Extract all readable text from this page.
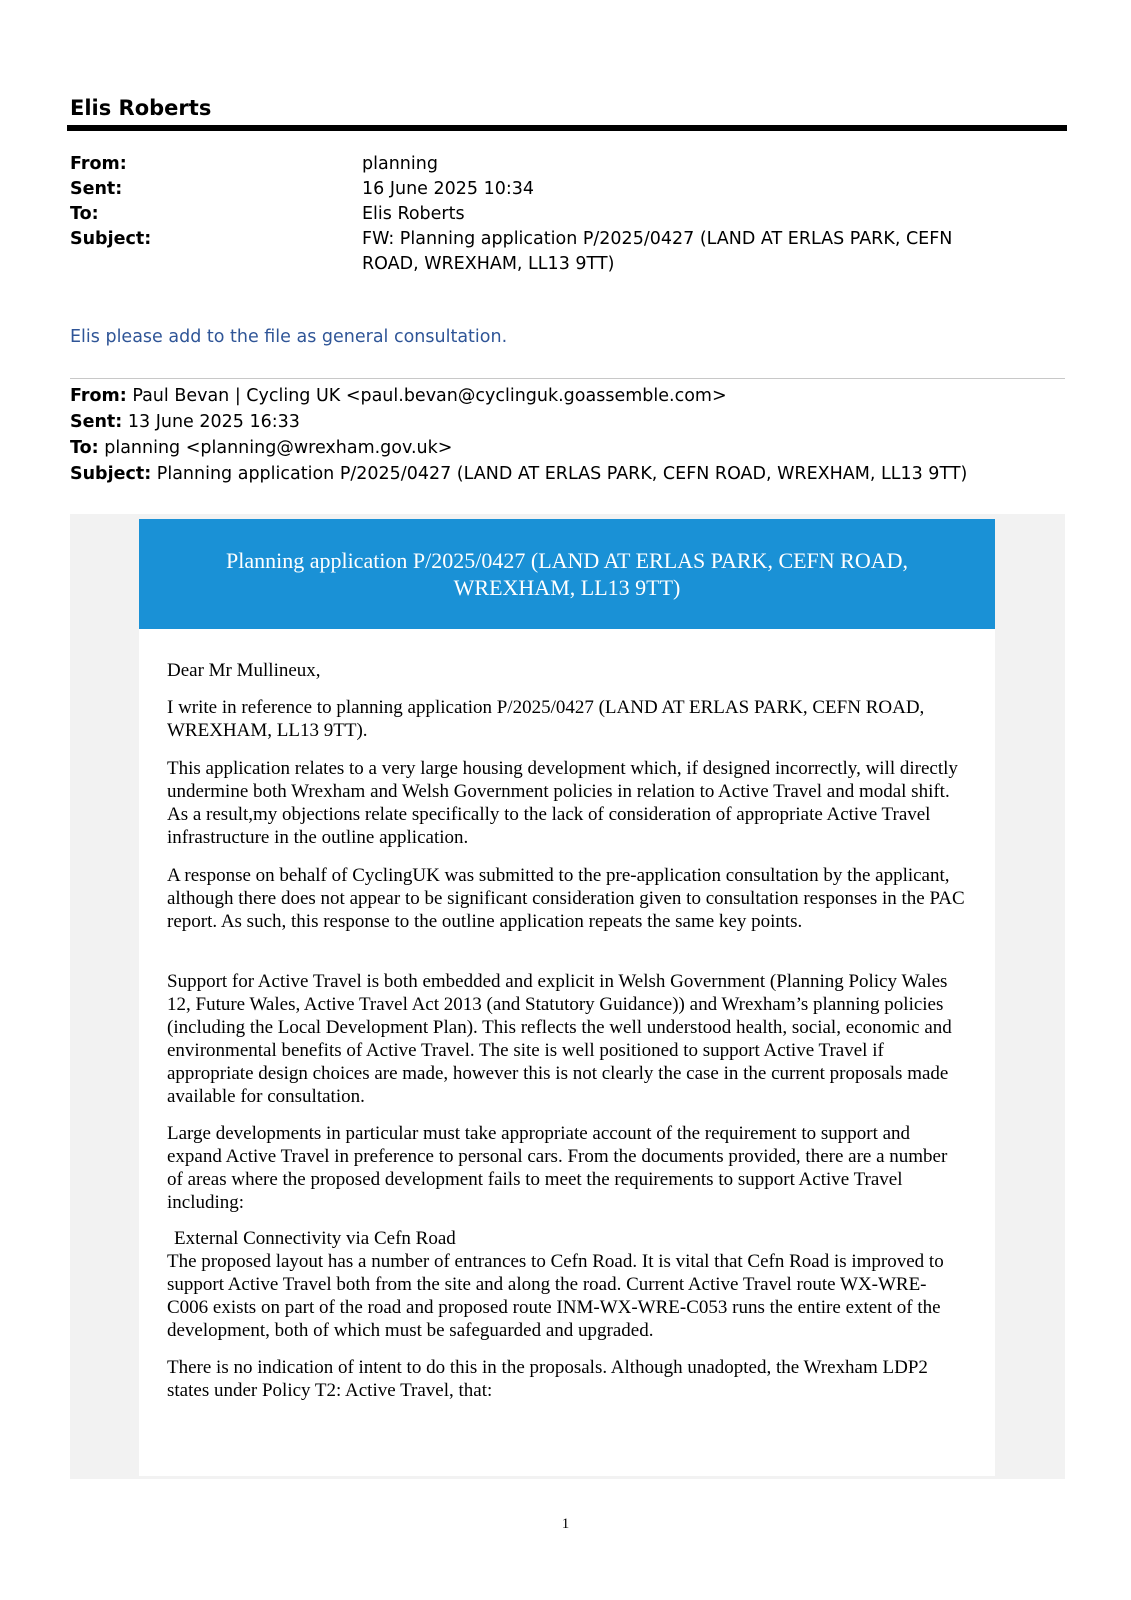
Elis Roberts
From:	planning
Sent:	16 June 2025 10:34
To:	Elis Roberts
Subject:	FW: Planning application P/2025/0427 (LAND AT ERLAS PARK, CEFN ROAD, WREXHAM, LL13 9TT)
Elis please add to the file as general consultation.
From: Paul Bevan | Cycling UK <paul.bevan@cyclinguk.goassemble.com>
Sent: 13 June 2025 16:33
To: planning <planning@wrexham.gov.uk>
Subject: Planning application P/2025/0427 (LAND AT ERLAS PARK, CEFN ROAD, WREXHAM, LL13 9TT)
Planning application P/2025/0427 (LAND AT ERLAS PARK, CEFN ROAD, WREXHAM, LL13 9TT)

Dear Mr Mullineux,

I write in reference to planning application P/2025/0427 (LAND AT ERLAS PARK, CEFN ROAD, WREXHAM, LL13 9TT).

This application relates to a very large housing development which, if designed incorrectly, will directly undermine both Wrexham and Welsh Government policies in relation to Active Travel and modal shift. As a result,my objections relate specifically to the lack of consideration of appropriate Active Travel infrastructure in the outline application.

A response on behalf of CyclingUK was submitted to the pre-application consultation by the applicant, although there does not appear to be significant consideration given to consultation responses in the PAC report. As such, this response to the outline application repeats the same key points.

Support for Active Travel is both embedded and explicit in Welsh Government (Planning Policy Wales 12, Future Wales, Active Travel Act 2013 (and Statutory Guidance)) and Wrexham’s planning policies (including the Local Development Plan). This reflects the well understood health, social, economic and environmental benefits of Active Travel. The site is well positioned to support Active Travel if appropriate design choices are made, however this is not clearly the case in the current proposals made available for consultation.

Large developments in particular must take appropriate account of the requirement to support and expand Active Travel in preference to personal cars. From the documents provided, there are a number of areas where the proposed development fails to meet the requirements to support Active Travel including:

External Connectivity via Cefn Road

The proposed layout has a number of entrances to Cefn Road. It is vital that Cefn Road is improved to support Active Travel both from the site and along the road. Current Active Travel route WX-WRE-C006 exists on part of the road and proposed route INM-WX-WRE-C053 runs the entire extent of the development, both of which must be safeguarded and upgraded.

There is no indication of intent to do this in the proposals. Although unadopted, the Wrexham LDP2 states under Policy T2: Active Travel, that:

1
